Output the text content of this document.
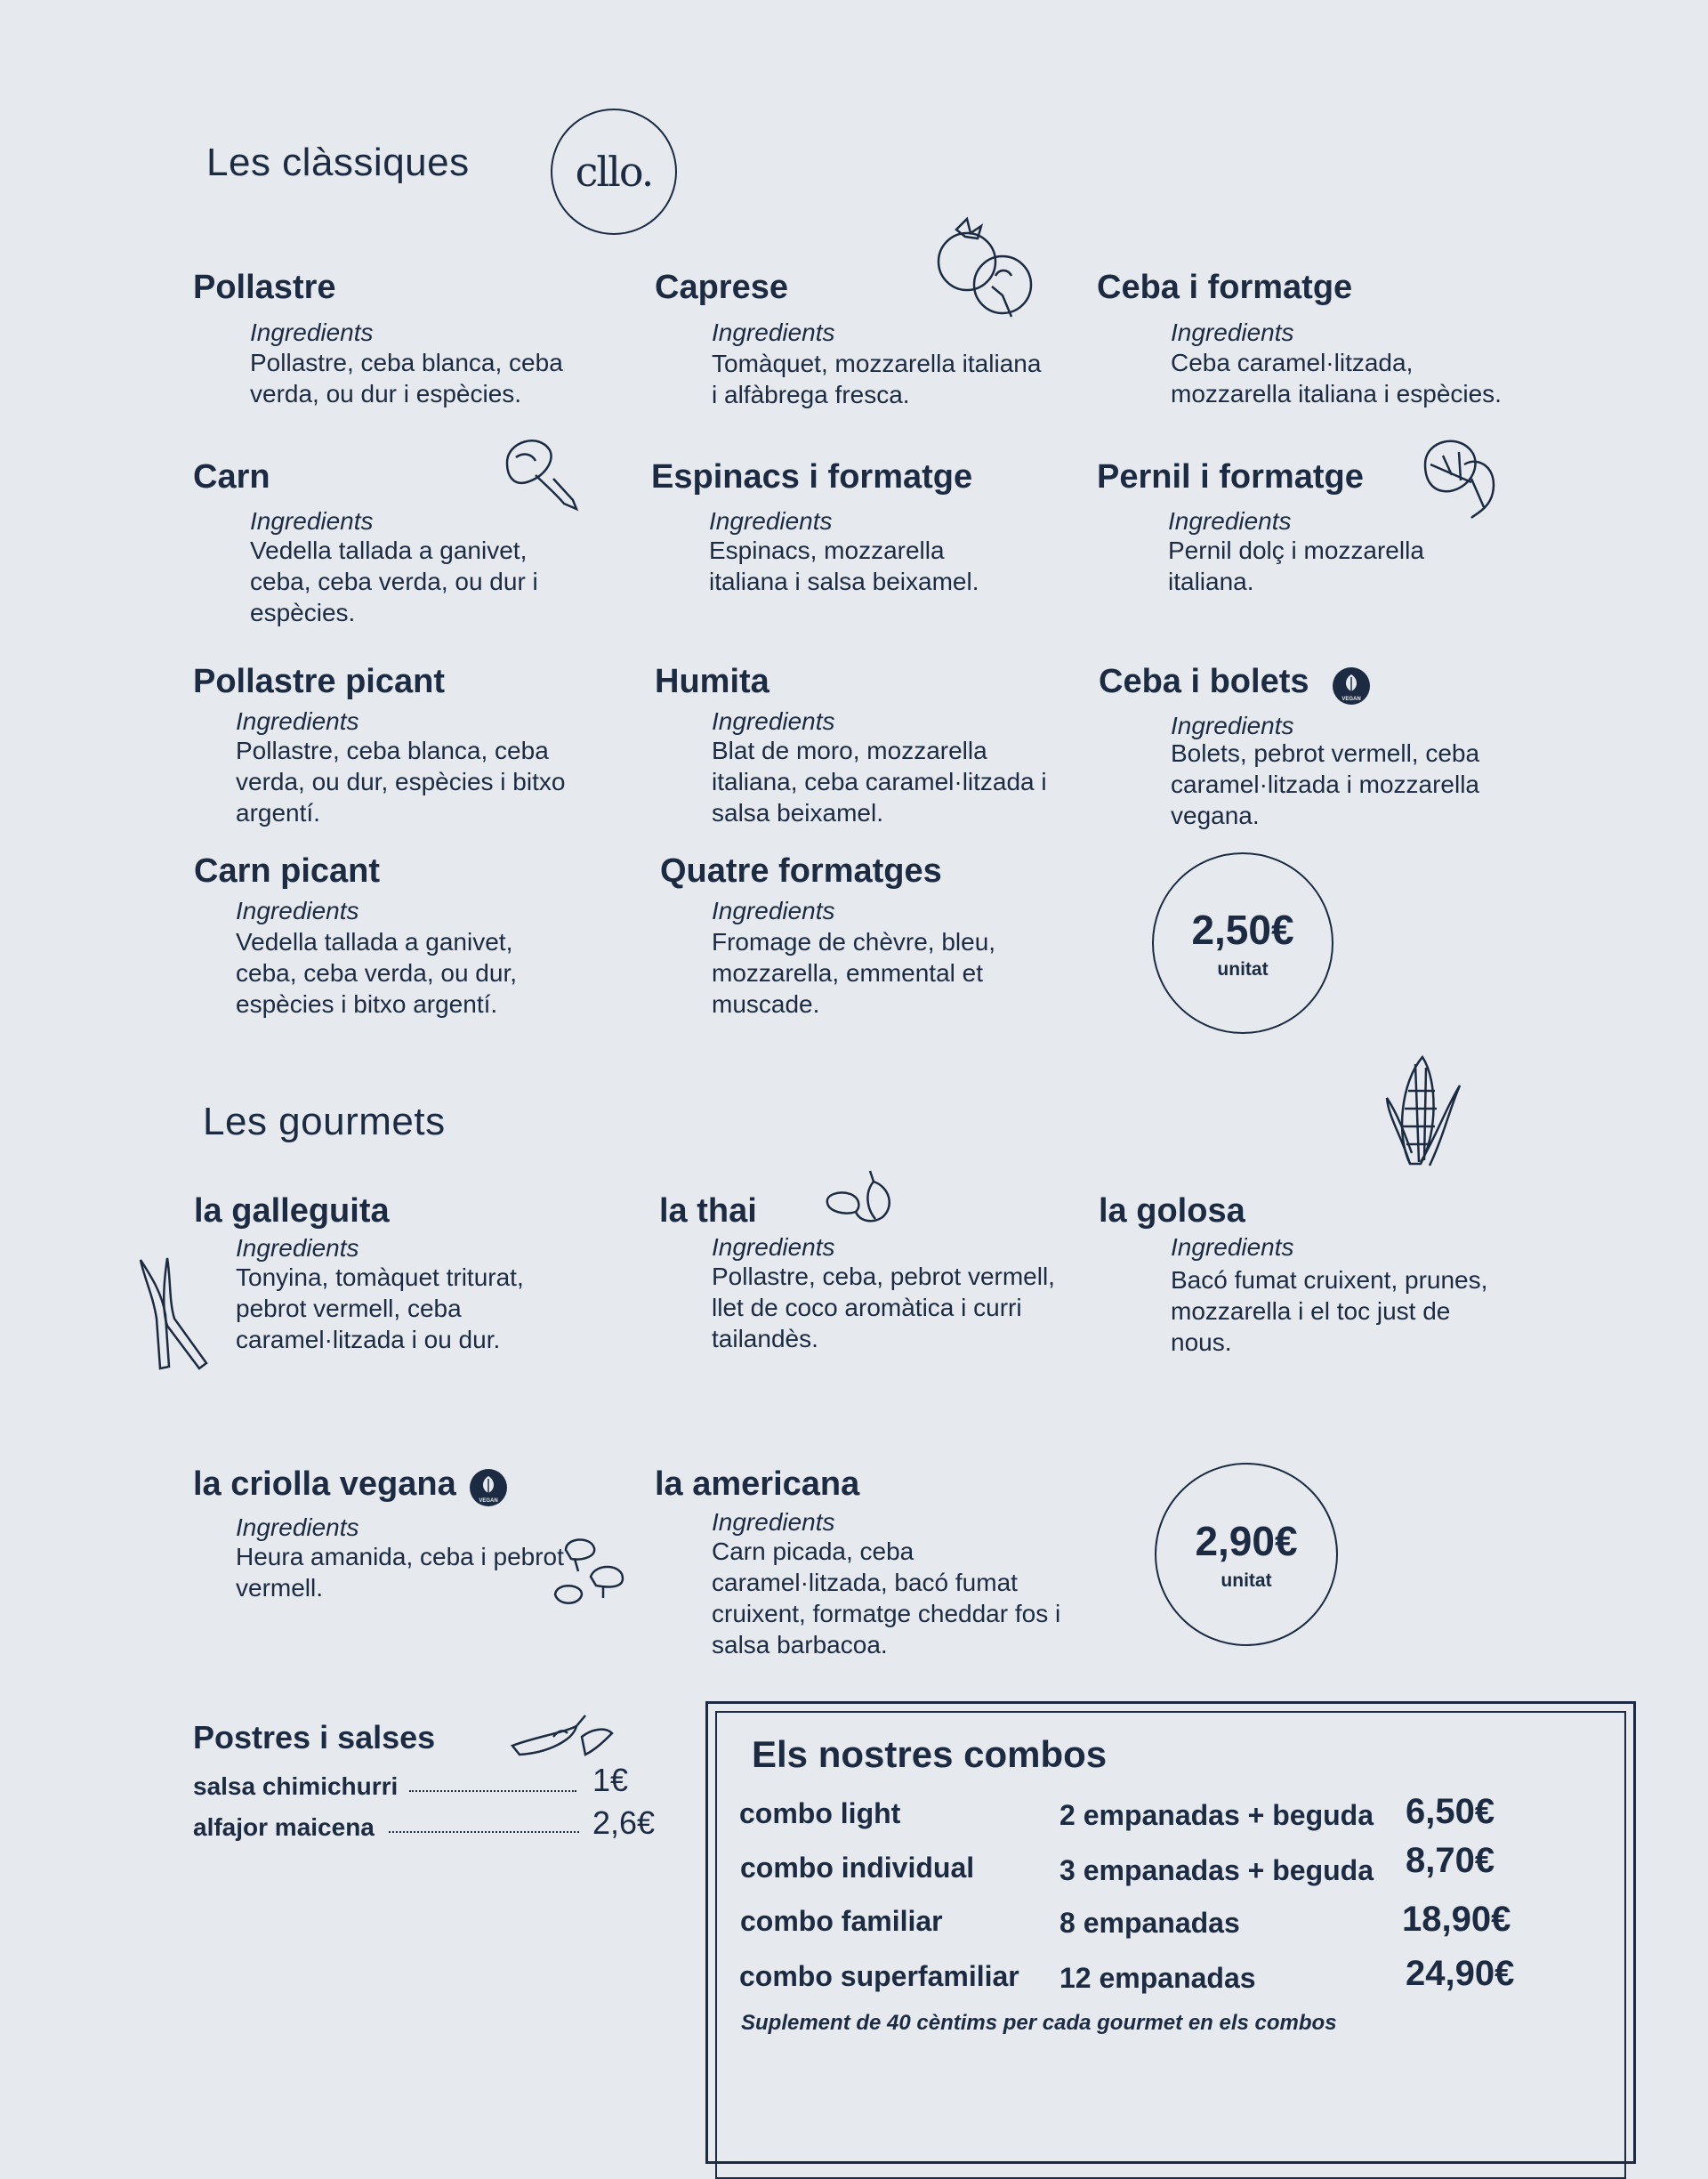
cllo.
Les clàssiques
Pollastre
Ingredients
Pollastre, ceba blanca, ceba
verda, ou dur i espècies.
Caprese
Ingredients
Tomàquet, mozzarella italiana
i alfàbrega fresca.
Ceba i formatge
Ingredients
Ceba caramel·litzada,
mozzarella italiana i espècies.
Carn
Ingredients
Vedella tallada a ganivet,
ceba, ceba verda, ou dur i
espècies.
Espinacs i formatge
Ingredients
Espinacs, mozzarella
italiana i salsa beixamel.
Pernil i formatge
Ingredients
Pernil dolç i mozzarella
italiana.
Pollastre picant
Ingredients
Pollastre, ceba blanca, ceba
verda, ou dur, espècies i bitxo
argentí.
Humita
Ingredients
Blat de moro, mozzarella
italiana, ceba caramel·litzada i
salsa beixamel.
Ceba i bolets
Ingredients
Bolets, pebrot vermell, ceba
caramel·litzada i mozzarella
vegana.
Carn picant
Ingredients
Vedella tallada a ganivet,
ceba, ceba verda, ou dur,
espècies i bitxo argentí.
Quatre formatges
Ingredients
Fromage de chèvre, bleu,
mozzarella, emmental et
muscade.
2,50€
unitat
Les gourmets
la galleguita
Ingredients
Tonyina, tomàquet triturat,
pebrot vermell, ceba
caramel·litzada i ou dur.
la thai
Ingredients
Pollastre, ceba, pebrot vermell,
llet de coco aromàtica i curri
tailandès.
la golosa
Ingredients
Bacó fumat cruixent, prunes,
mozzarella i el toc just de
nous.
la criolla vegana
Ingredients
Heura amanida, ceba i pebrot
vermell.
la americana
Ingredients
Carn picada, ceba
caramel·litzada, bacó fumat
cruixent, formatge cheddar fos i
salsa barbacoa.
2,90€
unitat
VEGAN
VEGAN
Postres i salses
salsa chimichurri	1€
alfajor maicena	2,6€
Els nostres combos
combo light	2 empanadas + beguda 6,50€
combo individual	3 empanadas + beguda 8,70€
combo familiar	8 empanadas	18,90€
combo superfamiliar 12 empanadas	24,90€
Suplement de 40 cèntims per cada gourmet en els combos
